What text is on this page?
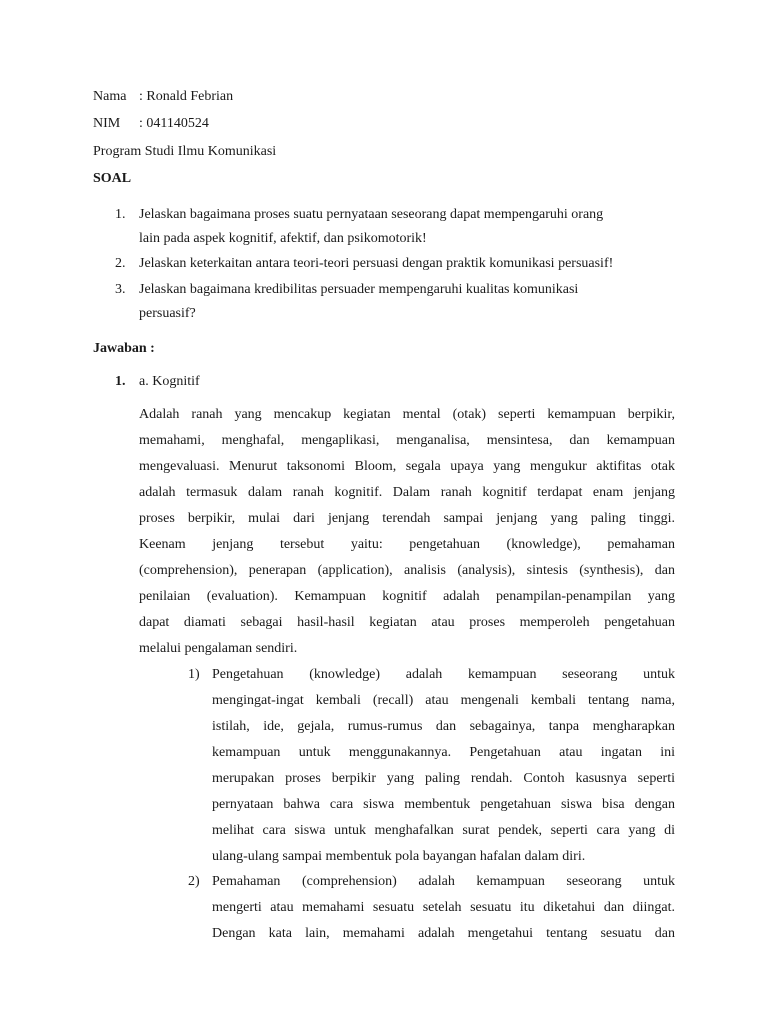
Nama : Ronald Febrian
NIM : 041140524
Program Studi Ilmu Komunikasi
SOAL
1. Jelaskan bagaimana proses suatu pernyataan seseorang dapat mempengaruhi orang
lain pada aspek kognitif, afektif, dan psikomotorik!
2. Jelaskan keterkaitan antara teori-teori persuasi dengan praktik komunikasi persuasif!
3. Jelaskan bagaimana kredibilitas persuader mempengaruhi kualitas komunikasi
persuasif?
Jawaban :
1. a. Kognitif
Adalah ranah yang mencakup kegiatan mental (otak) seperti kemampuan berpikir,
memahami, menghafal, mengaplikasi, menganalisa, mensintesa, dan kemampuan
mengevaluasi. Menurut taksonomi Bloom, segala upaya yang mengukur aktifitas otak
adalah termasuk dalam ranah kognitif. Dalam ranah kognitif terdapat enam jenjang
proses berpikir, mulai dari jenjang terendah sampai jenjang yang paling tinggi.
Keenam jenjang tersebut yaitu: pengetahuan (knowledge), pemahaman
(comprehension), penerapan (application), analisis (analysis), sintesis (synthesis), dan
penilaian (evaluation). Kemampuan kognitif adalah penampilan-penampilan yang
dapat diamati sebagai hasil-hasil kegiatan atau proses memperoleh pengetahuan
melalui pengalaman sendiri.
1) Pengetahuan (knowledge) adalah kemampuan seseorang untuk
mengingat-ingat kembali (recall) atau mengenali kembali tentang nama,
istilah, ide, gejala, rumus-rumus dan sebagainya, tanpa mengharapkan
kemampuan untuk menggunakannya. Pengetahuan atau ingatan ini
merupakan proses berpikir yang paling rendah. Contoh kasusnya seperti
pernyataan bahwa cara siswa membentuk pengetahuan siswa bisa dengan
melihat cara siswa untuk menghafalkan surat pendek, seperti cara yang di
ulang-ulang sampai membentuk pola bayangan hafalan dalam diri.
2) Pemahaman (comprehension) adalah kemampuan seseorang untuk
mengerti atau memahami sesuatu setelah sesuatu itu diketahui dan diingat.
Dengan kata lain, memahami adalah mengetahui tentang sesuatu dan
